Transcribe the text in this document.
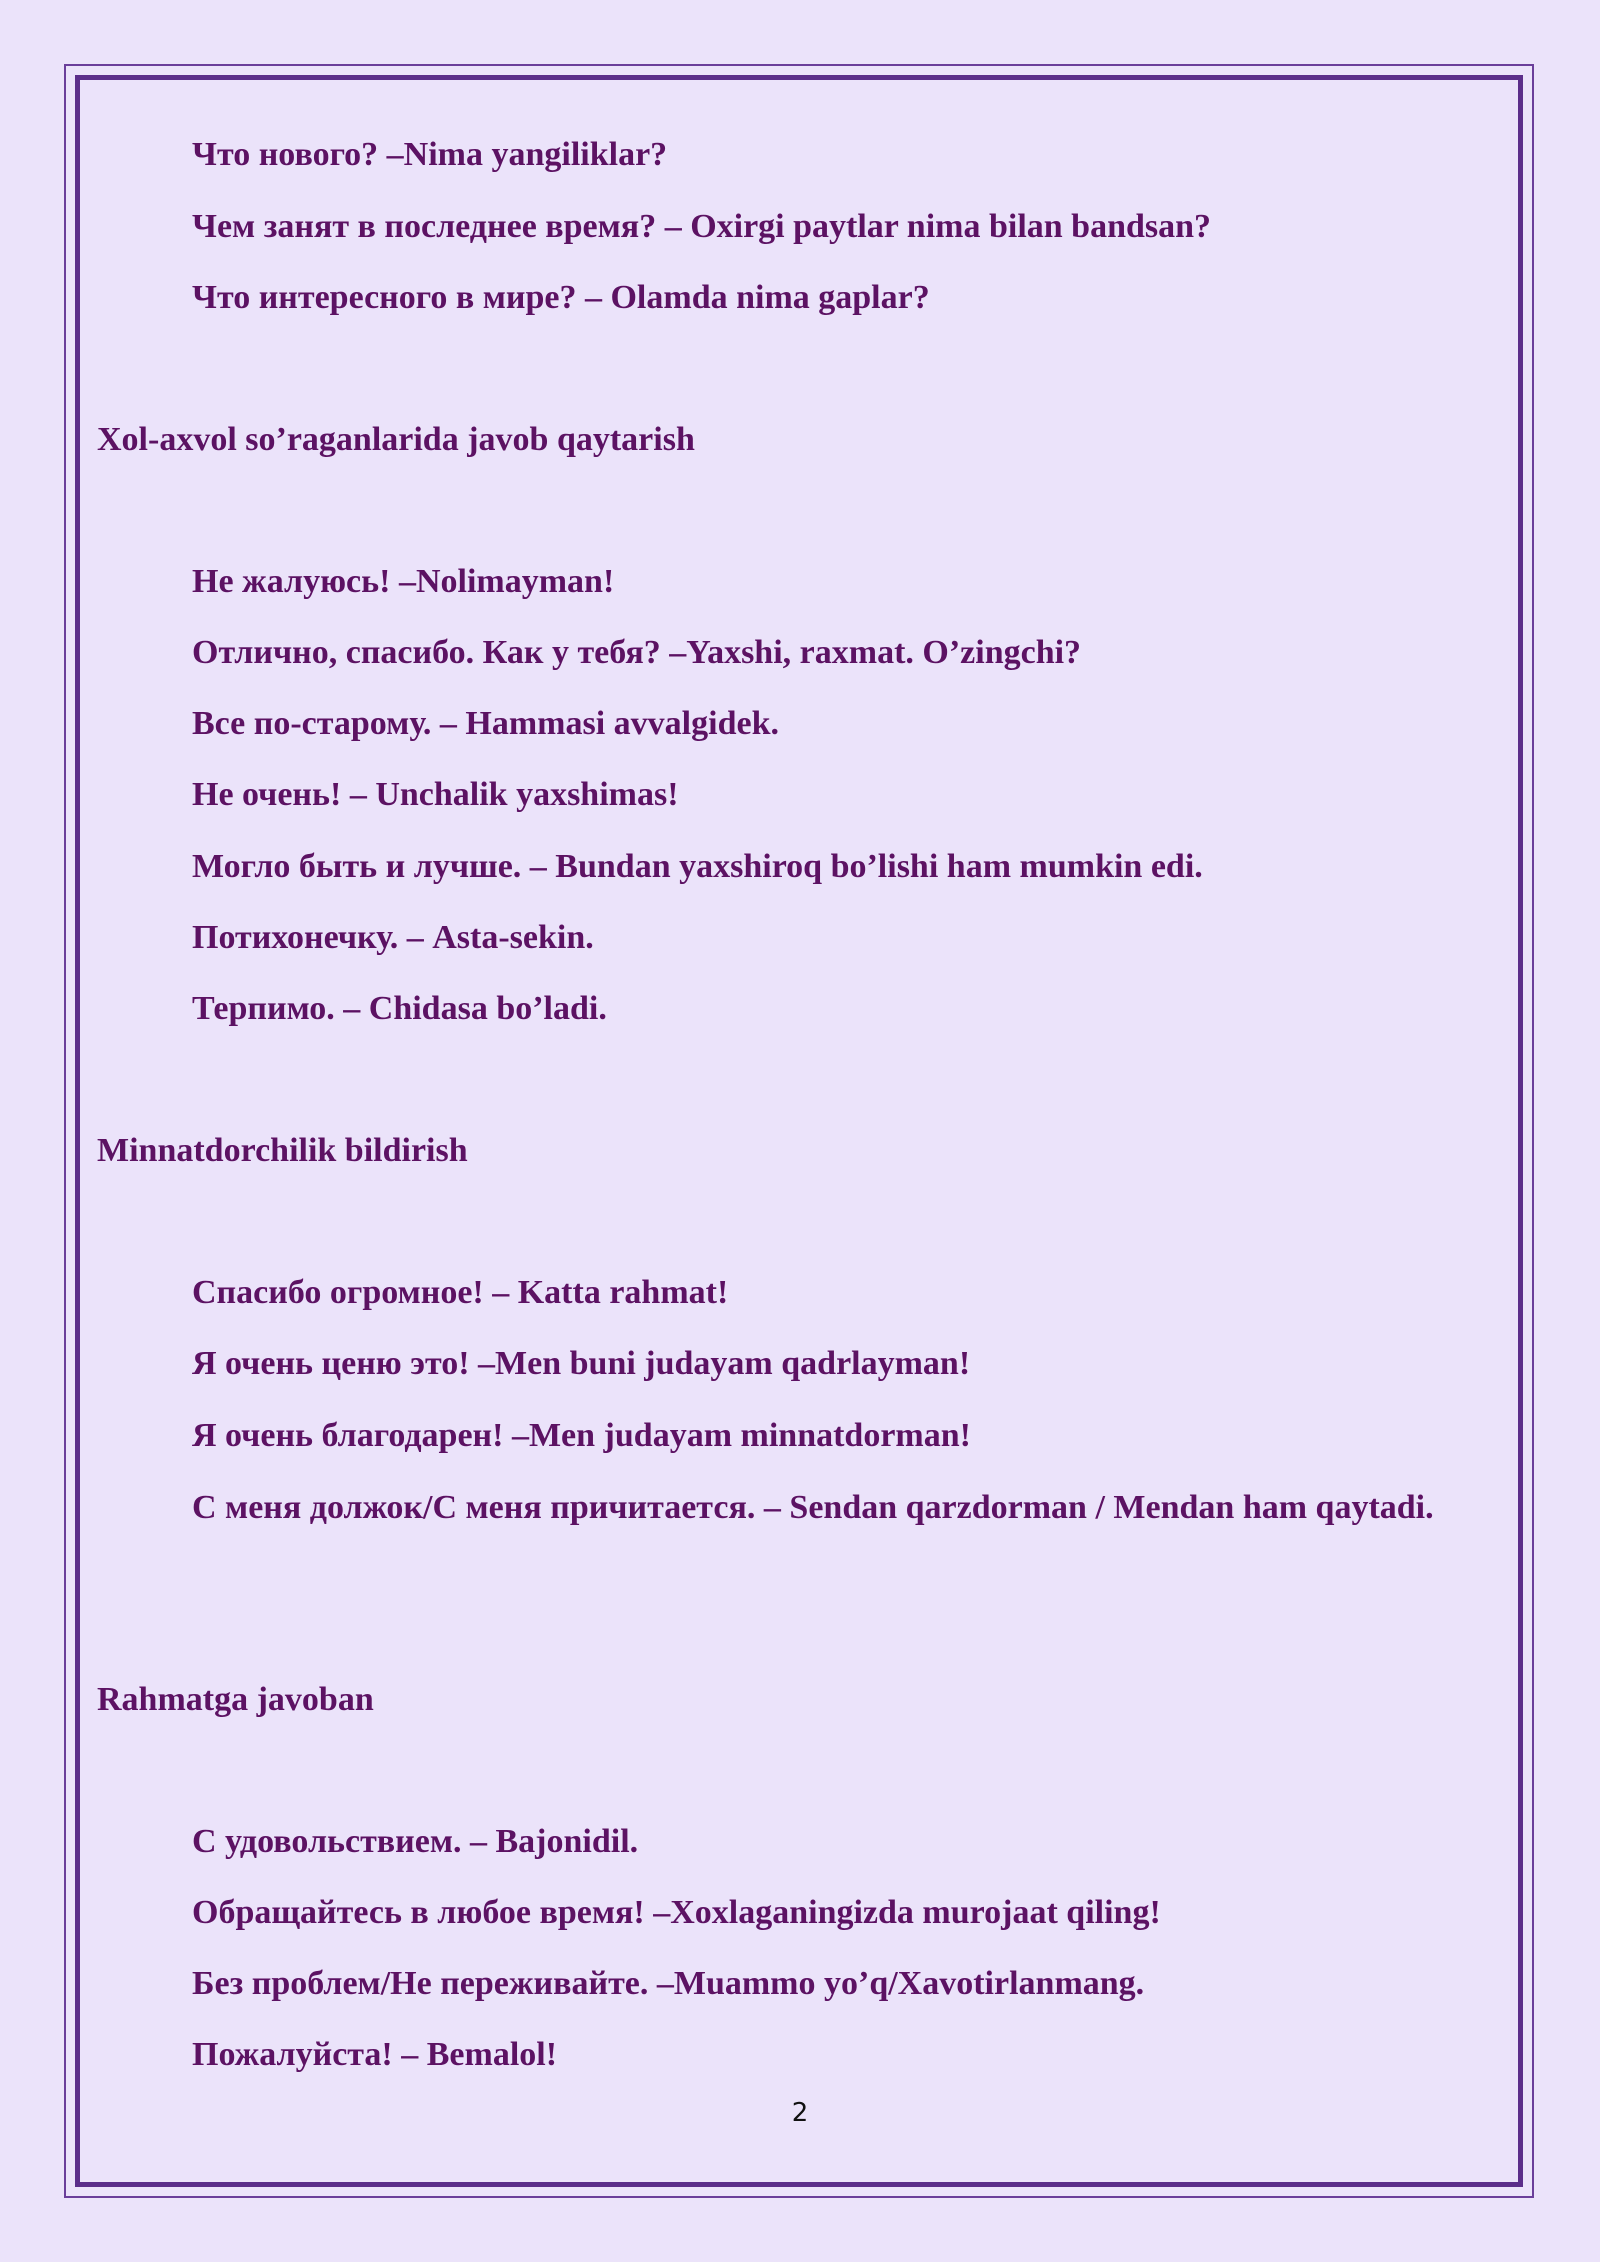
Что нового? –Nima yangiliklar?

Чем занят в последнее время? – Oxirgi paytlar nima bilan bandsan?

Что интересного в мире? – Olamda nima gaplar?

Xol-axvol so’raganlarida javob qaytarish

Не жалуюсь! –Nolimayman!

Отлично, спасибо. Как у тебя? –Yaxshi, raxmat. O’zingchi?

Все по-старому. – Hammasi avvalgidek.

Не очень! – Unchalik yaxshimas!

Могло быть и лучше. – Bundan yaxshiroq bo’lishi ham mumkin edi.

Потихонечку. – Asta-sekin.

Терпимо. – Chidasa bo’ladi.

Minnatdorchilik bildirish

Спасибо огромное! – Katta rahmat!

Я очень ценю это! –Men buni judayam qadrlayman!

Я очень благодарен! –Men judayam minnatdorman!

С меня должок/С меня причитается. – Sendan qarzdorman / Mendan ham qaytadi.

Rahmatga javoban

С удовольствием. – Bajonidil.

Обращайтесь в любое время! –Xoxlaganingizda murojaat qiling!

Без проблем/Не переживайте. –Muammo yo’q/Xavotirlanmang.

Пожалуйста! – Bemalol!

2
